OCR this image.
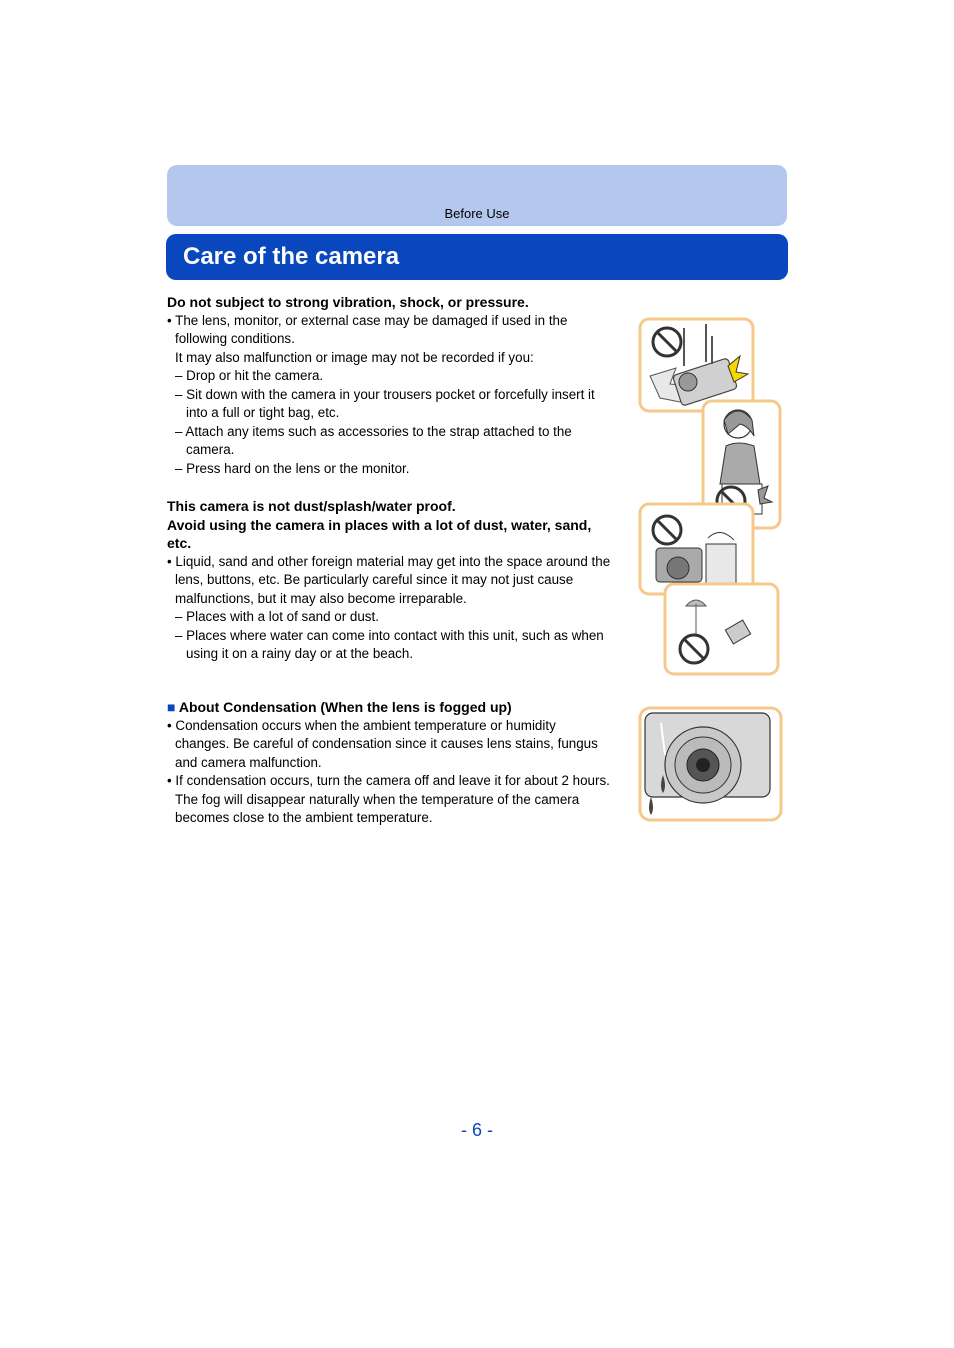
Before Use
Care of the camera
Do not subject to strong vibration, shock, or pressure.
• The lens, monitor, or external case may be damaged if used in the
following conditions.
It may also malfunction or image may not be recorded if you:
– Drop or hit the camera.
– Sit down with the camera in your trousers pocket or forcefully insert it
into a full or tight bag, etc.
– Attach any items such as accessories to the strap attached to the
camera.
– Press hard on the lens or the monitor.
This camera is not dust/splash/water proof.
Avoid using the camera in places with a lot of dust, water, sand,
etc.
• Liquid, sand and other foreign material may get into the space around the
lens, buttons, etc. Be particularly careful since it may not just cause
malfunctions, but it may also become irreparable.
– Places with a lot of sand or dust.
– Places where water can come into contact with this unit, such as when
using it on a rainy day or at the beach.
■ About Condensation (When the lens is fogged up)
• Condensation occurs when the ambient temperature or humidity
changes. Be careful of condensation since it causes lens stains, fungus
and camera malfunction.
• If condensation occurs, turn the camera off and leave it for about 2 hours.
The fog will disappear naturally when the temperature of the camera
becomes close to the ambient temperature.
- 6 -
